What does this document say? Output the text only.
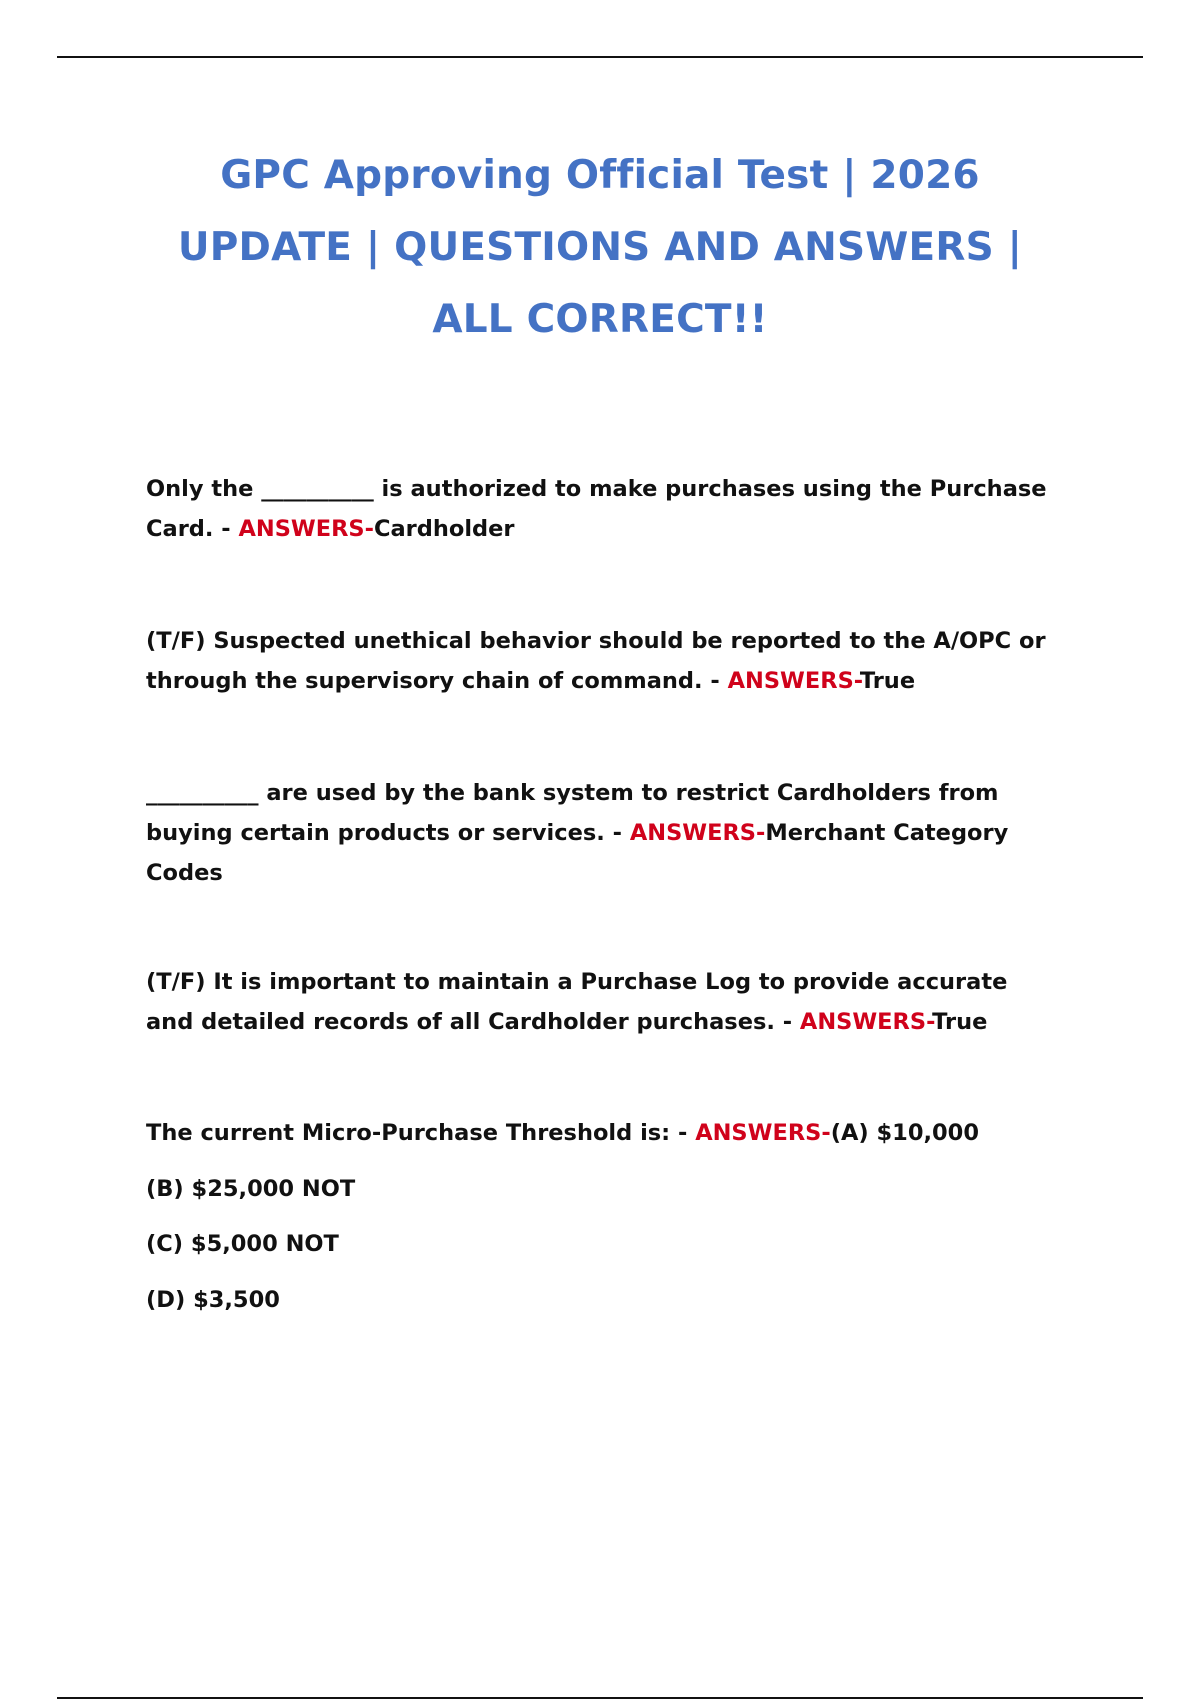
GPC Approving Official Test | 2026
UPDATE | QUESTIONS AND ANSWERS |
ALL CORRECT!!
Only the __________ is authorized to make purchases using the Purchase
Card. - ANSWERS-Cardholder
(T/F) Suspected unethical behavior should be reported to the A/OPC or
through the supervisory chain of command. - ANSWERS-True
__________ are used by the bank system to restrict Cardholders from
buying certain products or services. - ANSWERS-Merchant Category
Codes
(T/F) It is important to maintain a Purchase Log to provide accurate
and detailed records of all Cardholder purchases. - ANSWERS-True
The current Micro-Purchase Threshold is: - ANSWERS-(A) $10,000
(B) $25,000 NOT
(C) $5,000 NOT
(D) $3,500
